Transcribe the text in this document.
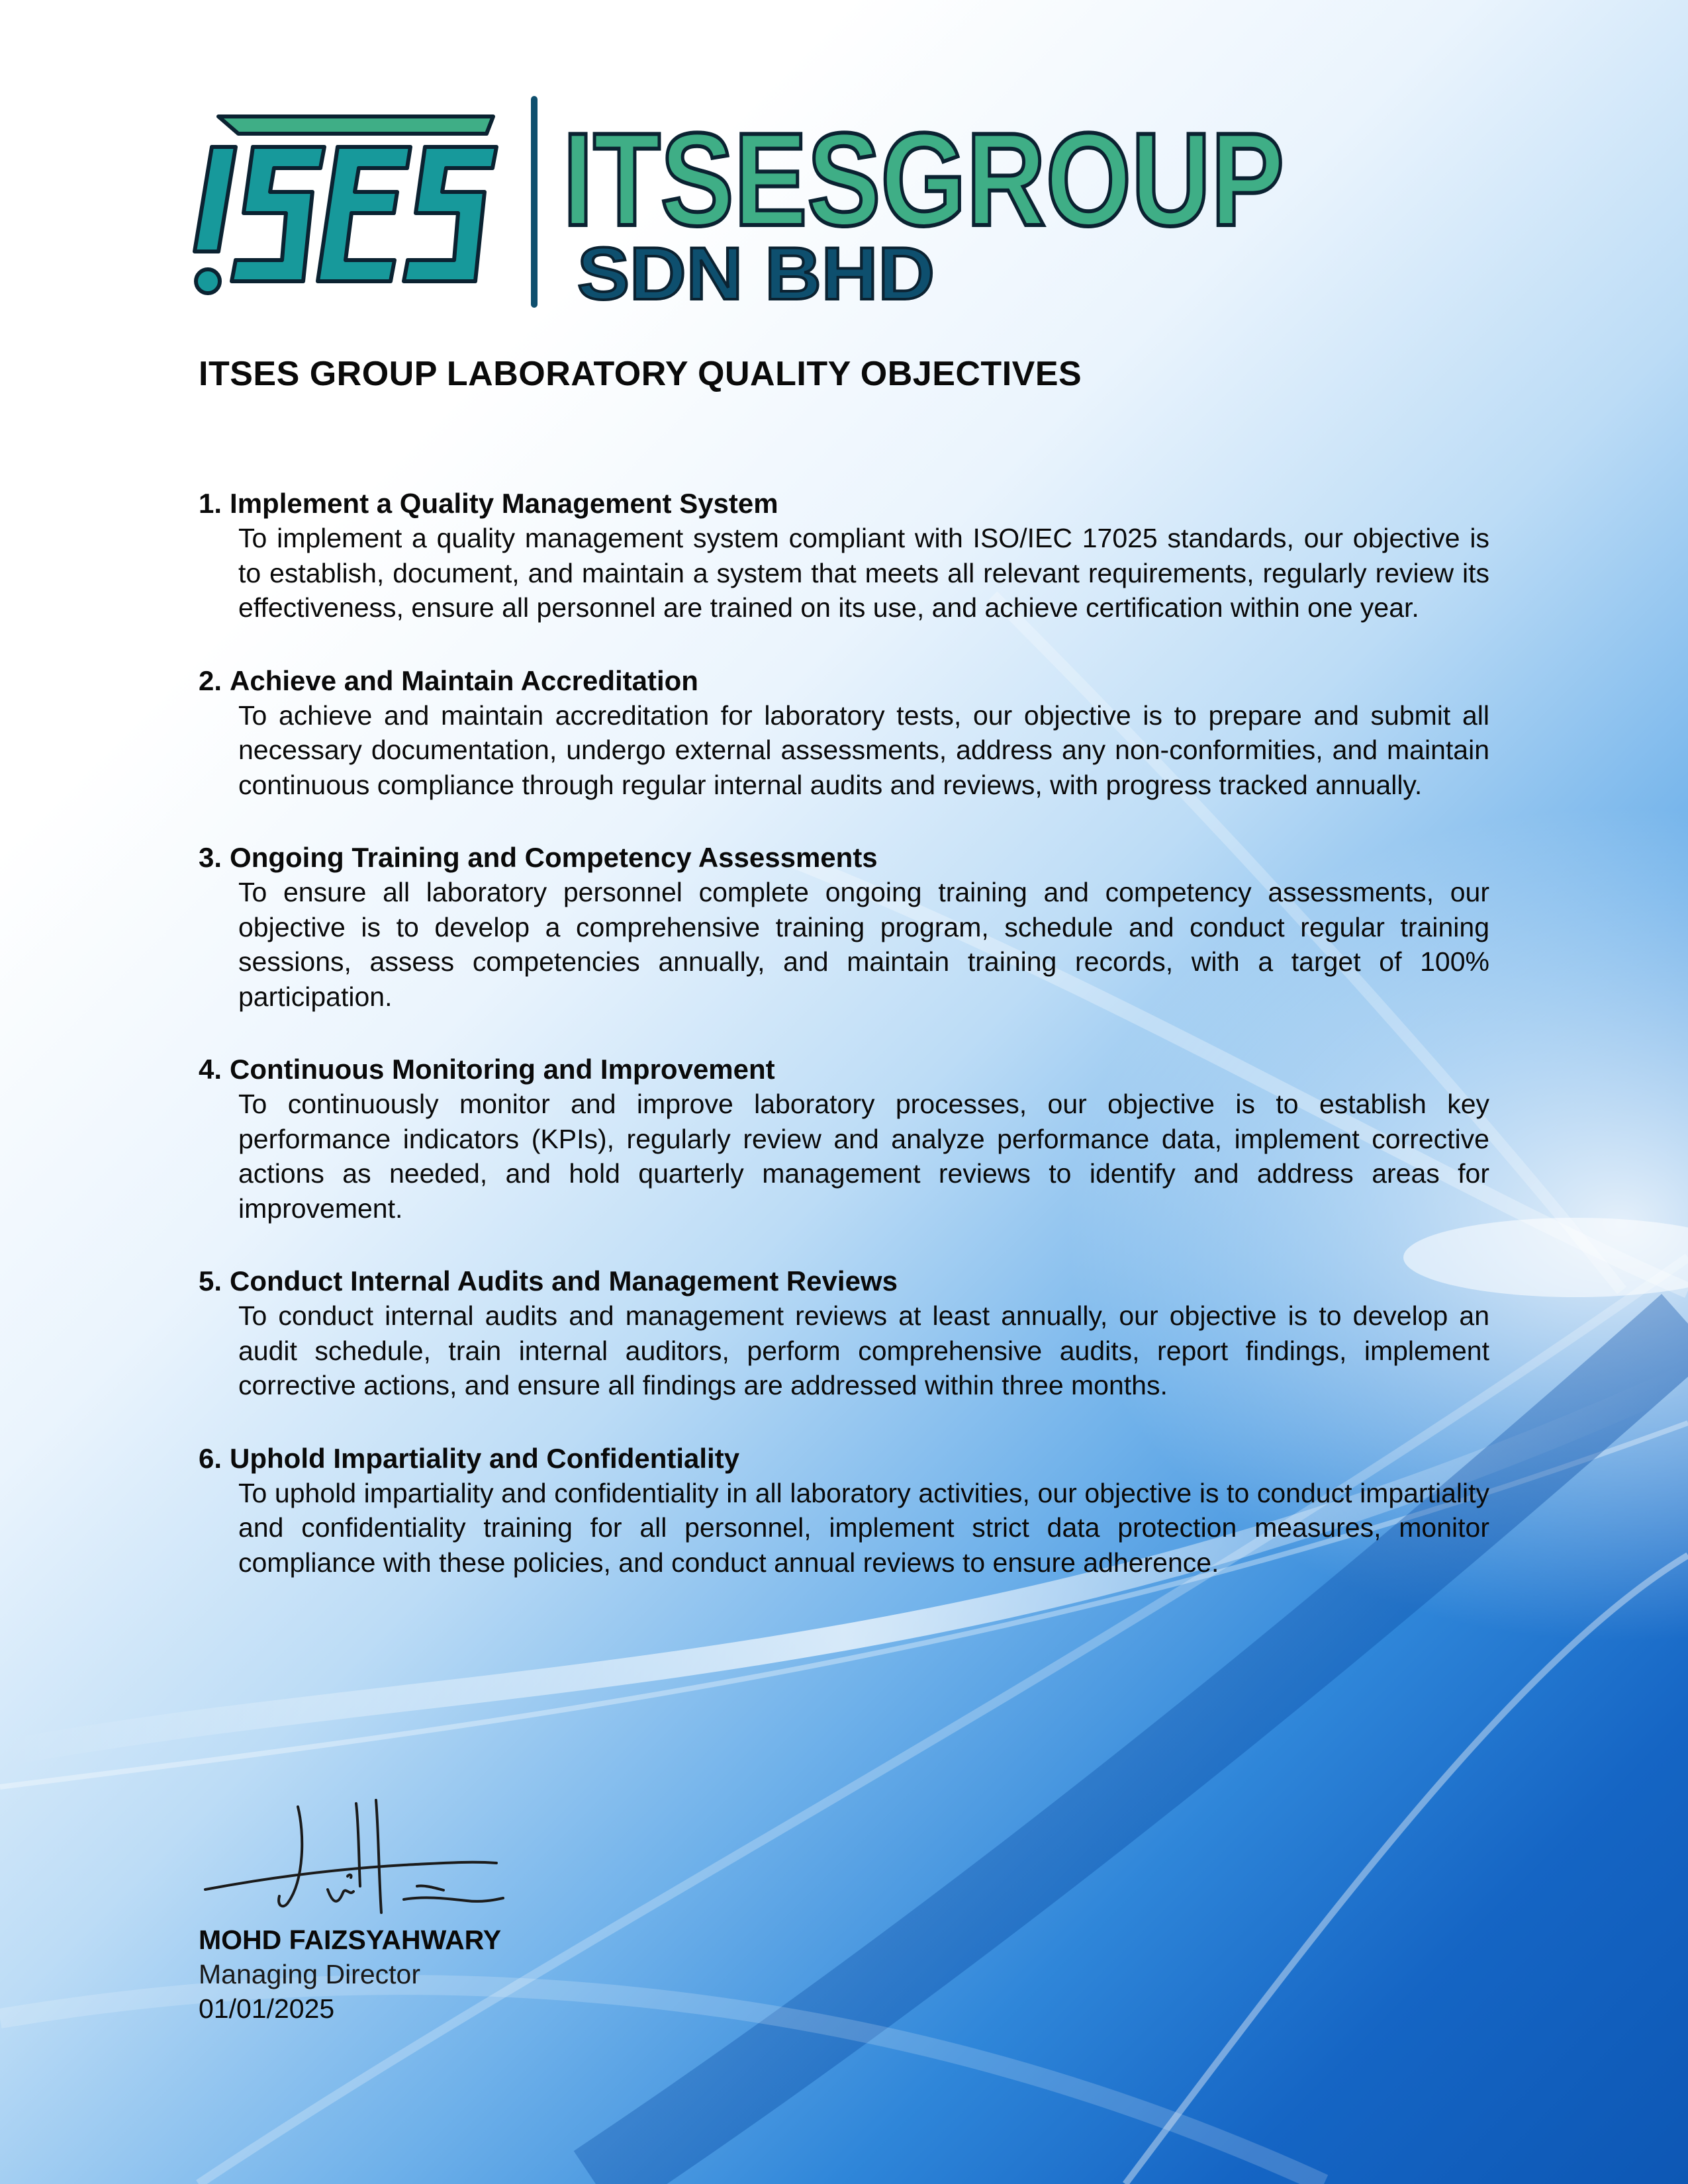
ITSESGROUP
SDN BHD
ITSES GROUP LABORATORY QUALITY OBJECTIVES
1. Implement a Quality Management System
To implement a quality management system compliant with ISO/IEC 17025 standards, our objective is to establish, document, and maintain a system that meets all relevant requirements, regularly review its effectiveness, ensure all personnel are trained on its use, and achieve certification within one year.
2. Achieve and Maintain Accreditation
To achieve and maintain accreditation for laboratory tests, our objective is to prepare and submit all necessary documentation, undergo external assessments, address any non-conformities, and maintain continuous compliance through regular internal audits and reviews, with progress tracked annually.
3. Ongoing Training and Competency Assessments
To ensure all laboratory personnel complete ongoing training and competency assessments, our objective is to develop a comprehensive training program, schedule and conduct regular training sessions, assess competencies annually, and maintain training records, with a target of 100% participation.
4. Continuous Monitoring and Improvement
To continuously monitor and improve laboratory processes, our objective is to establish key performance indicators (KPIs), regularly review and analyze performance data, implement corrective actions as needed, and hold quarterly management reviews to identify and address areas for improvement.
5. Conduct Internal Audits and Management Reviews
To conduct internal audits and management reviews at least annually, our objective is to develop an audit schedule, train internal auditors, perform comprehensive audits, report findings, implement corrective actions, and ensure all findings are addressed within three months.
6. Uphold Impartiality and Confidentiality
To uphold impartiality and confidentiality in all laboratory activities, our objective is to conduct impartiality and confidentiality training for all personnel, implement strict data protection measures, monitor compliance with these policies, and conduct annual reviews to ensure adherence.
MOHD FAIZSYAHWARY
Managing Director
01/01/2025
